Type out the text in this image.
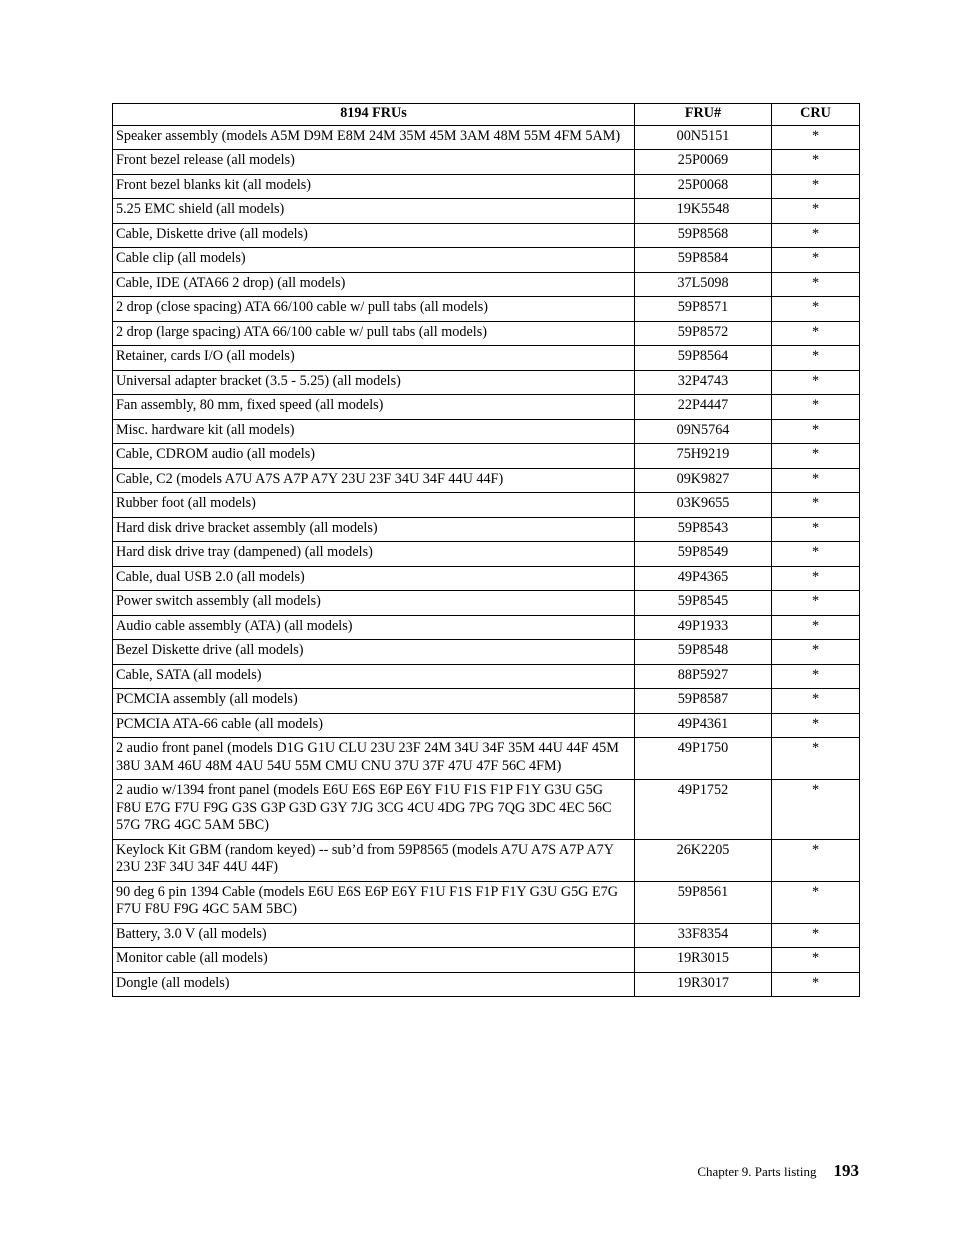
8194 FRUs	FRU#	CRU
Speaker assembly (models A5M D9M E8M 24M 35M 45M 3AM 48M 55M 4FM 5AM)	00N5151	*
Front bezel release (all models)	25P0069	*
Front bezel blanks kit (all models)	25P0068	*
5.25 EMC shield (all models)	19K5548	*
Cable, Diskette drive (all models)	59P8568	*
Cable clip (all models)	59P8584	*
Cable, IDE (ATA66 2 drop) (all models)	37L5098	*
2 drop (close spacing) ATA 66/100 cable w/ pull tabs (all models)	59P8571	*
2 drop (large spacing) ATA 66/100 cable w/ pull tabs (all models)	59P8572	*
Retainer, cards I/O (all models)	59P8564	*
Universal adapter bracket (3.5 - 5.25) (all models)	32P4743	*
Fan assembly, 80 mm, fixed speed (all models)	22P4447	*
Misc. hardware kit (all models)	09N5764	*
Cable, CDROM audio (all models)	75H9219	*
Cable, C2 (models A7U A7S A7P A7Y 23U 23F 34U 34F 44U 44F)	09K9827	*
Rubber foot (all models)	03K9655	*
Hard disk drive bracket assembly (all models)	59P8543	*
Hard disk drive tray (dampened) (all models)	59P8549	*
Cable, dual USB 2.0 (all models)	49P4365	*
Power switch assembly (all models)	59P8545	*
Audio cable assembly (ATA) (all models)	49P1933	*
Bezel Diskette drive (all models)	59P8548	*
Cable, SATA (all models)	88P5927	*
PCMCIA assembly (all models)	59P8587	*
PCMCIA ATA-66 cable (all models)	49P4361	*
2 audio front panel (models D1G G1U CLU 23U 23F 24M 34U 34F 35M 44U 44F 45M 38U 3AM 46U 48M 4AU 54U 55M CMU CNU 37U 37F 47U 47F 56C 4FM)	49P1750	*
2 audio w/1394 front panel (models E6U E6S E6P E6Y F1U F1S F1P F1Y G3U G5G F8U E7G F7U F9G G3S G3P G3D G3Y 7JG 3CG 4CU 4DG 7PG 7QG 3DC 4EC 56C 57G 7RG 4GC 5AM 5BC)	49P1752	*
Keylock Kit GBM (random keyed) -- sub’d from 59P8565 (models A7U A7S A7P A7Y 23U 23F 34U 34F 44U 44F)	26K2205	*
90 deg 6 pin 1394 Cable (models E6U E6S E6P E6Y F1U F1S F1P F1Y G3U G5G E7G F7U F8U F9G 4GC 5AM 5BC)	59P8561	*
Battery, 3.0 V (all models)	33F8354	*
Monitor cable (all models)	19R3015	*
Dongle (all models)	19R3017	*
Chapter 9. Parts listing 193
